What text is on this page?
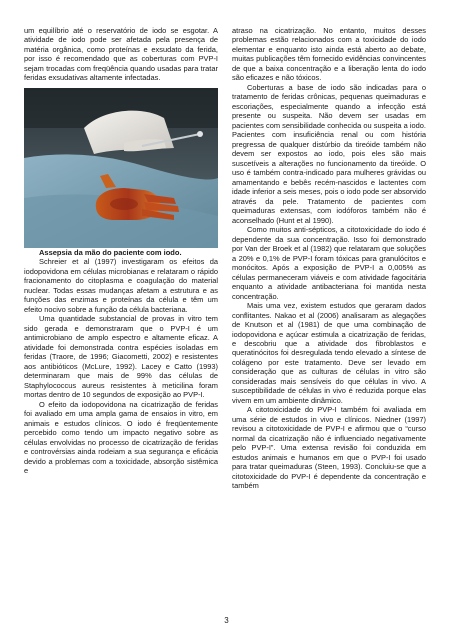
um equilíbrio até o reservatório de iodo se esgotar. A atividade de iodo pode ser afetada pela presença de matéria orgânica, como proteínas e exsudato da ferida, por isso é recomendado que as coberturas com PVP-I sejam trocadas com freqüência quando usadas para tratar feridas exsudativas altamente infectadas.

Assepsia da mão do paciente com iodo.

Schreier et al (1997) investigaram os efeitos da iodopovidona em células microbianas e relataram o rápido fracionamento do citoplasma e coagulação do material nuclear. Todas essas mudanças afetam a estrutura e as funções das enzimas e proteínas da célula e têm um efeito nocivo sobre a função da célula bacteriana.

Uma quantidade substancial de provas in vitro tem sido gerada e demonstraram que o PVP-I é um antimicrobiano de amplo espectro e altamente eficaz. A atividade foi demonstrada contra espécies isoladas em feridas (Traore, de 1996; Giacometti, 2002) e resistentes aos antibióticos (McLure, 1992). Lacey e Catto (1993) determinaram que mais de 99% das células de Staphylococcus aureus resistentes à meticilina foram mortas dentro de 10 segundos de exposição ao PVP-I.

O efeito da iodopovidona na cicatrização de feridas foi avaliado em uma ampla gama de ensaios in vitro, em animais e estudos clínicos. O iodo é freqüentemente percebido como tendo um impacto negativo sobre as células envolvidas no processo de cicatrização de feridas e controvérsias ainda rodeiam a sua segurança e eficácia devido a problemas com a toxicidade, absorção sistêmica e

atraso na cicatrização. No entanto, muitos desses problemas estão relacionados com a toxicidade do iodo elementar e enquanto isto ainda está aberto ao debate, muitas publicações têm fornecido evidências convincentes de que a baixa concentração e a liberação lenta do iodo são eficazes e não tóxicos.

Coberturas a base de iodo são indicadas para o tratamento de feridas crônicas, pequenas queimaduras e escoriações, especialmente quando a infecção está presente ou suspeita. Não devem ser usadas em pacientes com sensibilidade conhecida ou suspeita a iodo. Pacientes com insuficiência renal ou com história pregressa de qualquer distúrbio da tireóide também não devem ser expostos ao iodo, pois eles são mais suscetíveis a alterações no funcionamento da tireóide. O uso é também contra-indicado para mulheres grávidas ou amamentando e bebês recém-nascidos e lactentes com idade inferior a seis meses, pois o iodo pode ser absorvido através da pele. Tratamento de pacientes com queimaduras extensas, com iodóforos também não é aconselhado (Hunt et al 1990).

Como muitos anti-sépticos, a citotoxicidade do iodo é dependente da sua concentração. Isso foi demonstrado por Van der Broek et al (1982) que relataram que soluções a 20% e 0,1% de PVP-I foram tóxicas para granulócitos e monócitos. Após a exposição de PVP-I a 0,005% as células permaneceram viáveis e com atividade fagocitária enquanto a atividade antibacteriana foi mantida nesta concentração.

Mais uma vez, existem estudos que geraram dados conflitantes. Nakao et al (2006) analisaram as alegações de Knutson et al (1981) de que uma combinação de iodopovidona e açúcar estimula a cicatrização de feridas, e descobriu que a atividade dos fibroblastos e queratinócitos foi desregulada tendo elevado a síntese de colágeno por este tratamento. Deve ser levado em consideração que as culturas de células in vitro são consideradas mais sensíveis do que células in vivo. A susceptibilidade de células in vivo é reduzida porque elas vivem em um ambiente dinâmico.

A citotoxicidade do PVP-I também foi avaliada em uma série de estudos in vivo e clínicos. Niedner (1997) revisou a citotoxicidade de PVP-I e afirmou que o “curso normal da cicatrização não é influenciado negativamente pelo PVP-I”. Uma extensa revisão foi conduzida em estudos animais e humanos em que o PVP-I foi usado para tratar queimaduras (Steen, 1993). Concluiu-se que a citotoxicidade do PVP-I é dependente da concentração e também

3
